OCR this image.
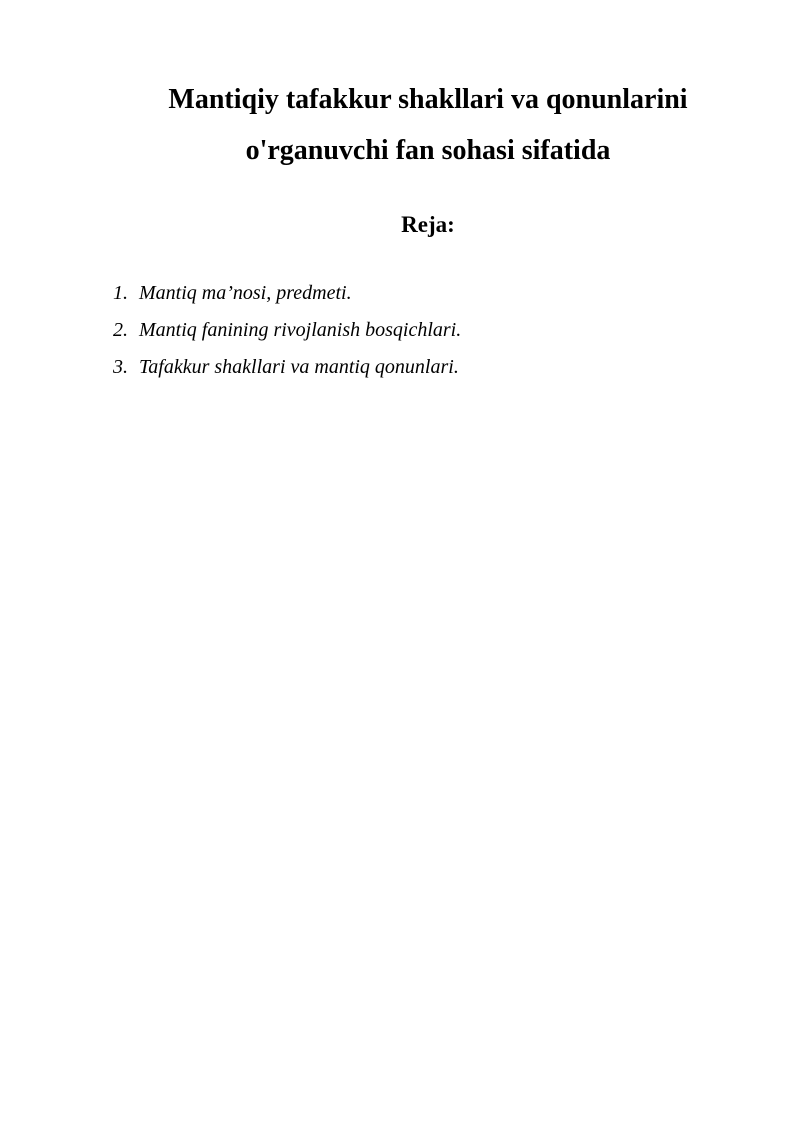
Mantiqiy tafakkur shakllari va qonunlarini
o'rganuvchi fan sohasi sifatida
Reja:
1. Mantiq ma’nosi, predmeti.
2. Mantiq fanining rivojlanish bosqichlari.
3. Tafakkur shakllari va mantiq qonunlari.
